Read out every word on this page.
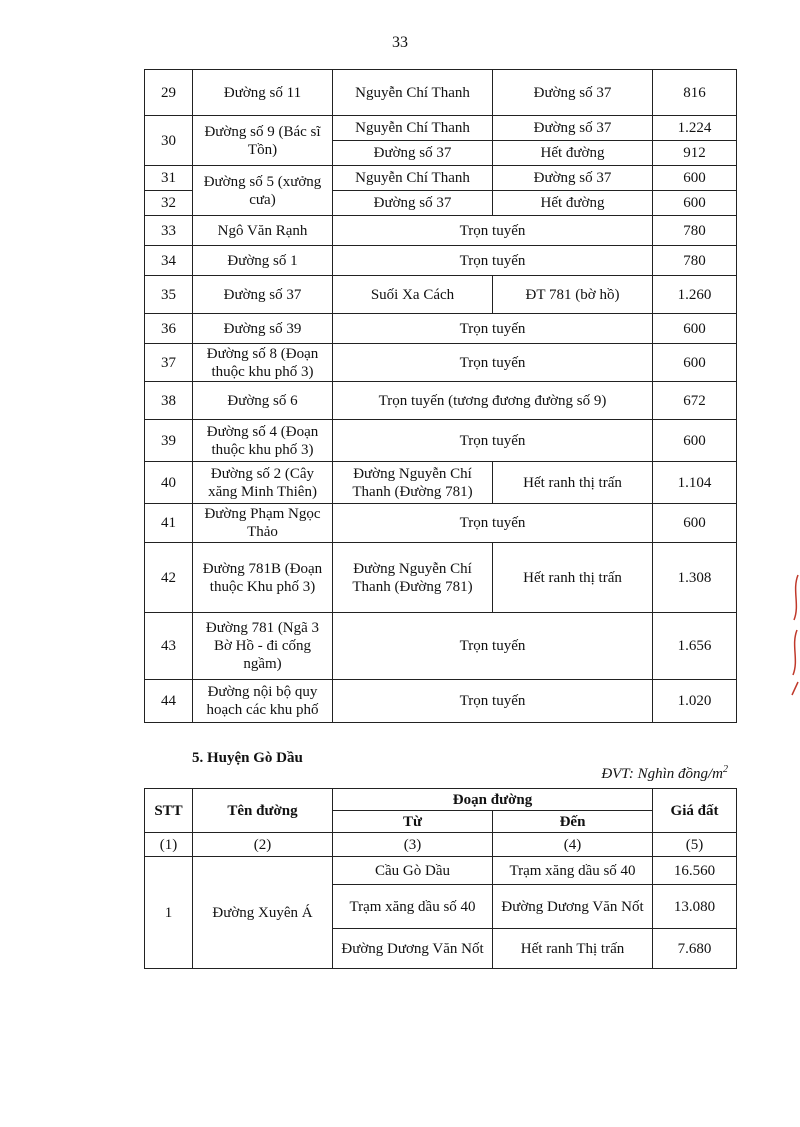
33
29	Đường số 11	Nguyễn Chí Thanh	Đường số 37	816
30	Đường số 9 (Bác sĩ Tồn)	Nguyễn Chí Thanh	Đường số 37	1.224
		Đường số 37	Hết đường	912
31	Đường số 5 (xưởng cưa)	Nguyễn Chí Thanh	Đường số 37	600
32		Đường số 37	Hết đường	600
33	Ngô Văn Rạnh	Trọn tuyến		780
34	Đường số 1	Trọn tuyến		780
35	Đường số 37	Suối Xa Cách	ĐT 781 (bờ hồ)	1.260
36	Đường số 39	Trọn tuyến		600
37	Đường số 8 (Đoạn thuộc khu phố 3)	Trọn tuyến		600
38	Đường số 6	Trọn tuyến (tương đương đường số 9)		672
39	Đường số 4 (Đoạn thuộc khu phố 3)	Trọn tuyến		600
40	Đường số 2 (Cây xăng Minh Thiên)	Đường Nguyễn Chí Thanh (Đường 781)	Hết ranh thị trấn	1.104
41	Đường Phạm Ngọc Thảo	Trọn tuyến		600
42	Đường 781B (Đoạn thuộc Khu phố 3)	Đường Nguyễn Chí Thanh (Đường 781)	Hết ranh thị trấn	1.308
43	Đường 781 (Ngã 3 Bờ Hồ - đi cống ngầm)	Trọn tuyến		1.656
44	Đường nội bộ quy hoạch các khu phố	Trọn tuyến		1.020
5. Huyện Gò Dầu
ĐVT: Nghìn đồng/$m^2$
STT	Tên đường	Đoạn đường		Giá đất
		Từ	Đến	
(1)	(2)	(3)	(4)	(5)
1	Đường Xuyên Á	Cầu Gò Dầu	Trạm xăng dầu số 40	16.560
		Trạm xăng dầu số 40	Đường Dương Văn Nốt	13.080
		Đường Dương Văn Nốt	Hết ranh Thị trấn	7.680
